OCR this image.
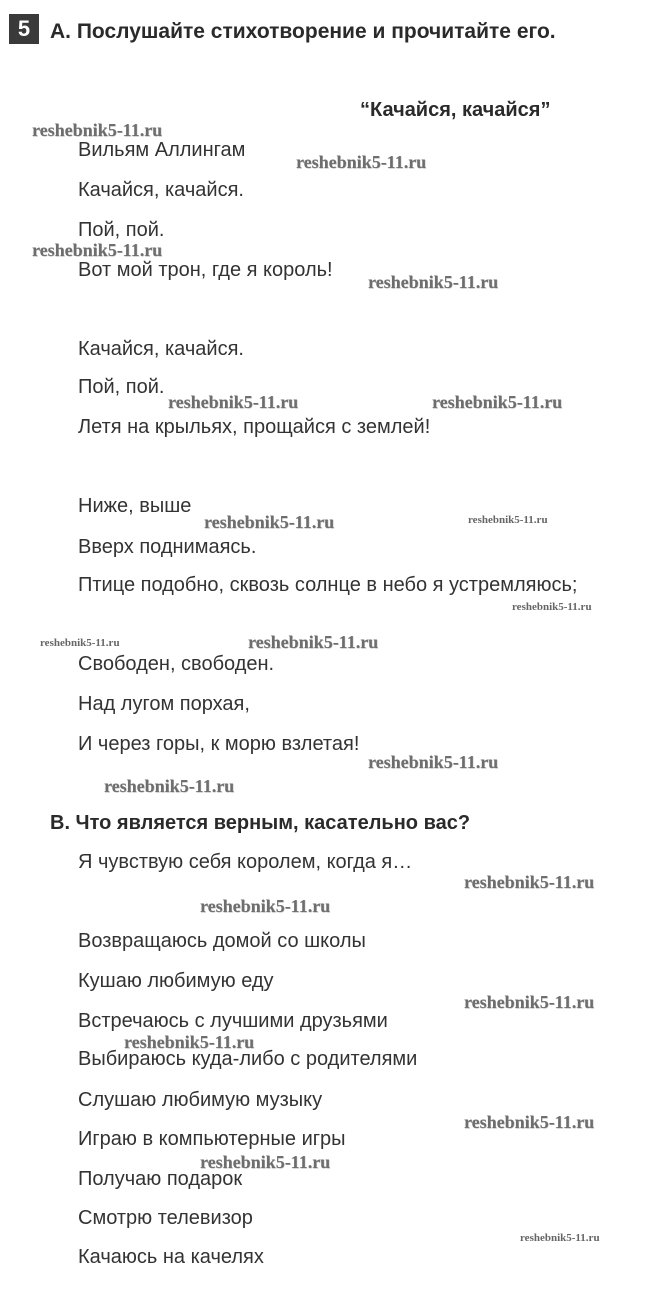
5 A. Послушайте стихотворение и прочитайте его.
“Качайся, качайся”
Вильям Аллингам
Качайся, качайся.
Пой, пой.
Вот мой трон, где я король!
Качайся, качайся.
Пой, пой.
Летя на крыльях, прощайся с землей!
Ниже, выше
Вверх поднимаясь.
Птице подобно, сквозь солнце в небо я устремляюсь;
Свободен, свободен.
Над лугом порхая,
И через горы, к морю взлетая!
B. Что является верным, касательно вас?
Я чувствую себя королем, когда я…
Возвращаюсь домой со школы
Кушаю любимую еду
Встречаюсь с лучшими друзьями
Выбираюсь куда-либо с родителями
Слушаю любимую музыку
Играю в компьютерные игры
Получаю подарок
Смотрю телевизор
Качаюсь на качелях
reshebnik5-11.ru
reshebnik5-11.ru
reshebnik5-11.ru
reshebnik5-11.ru
reshebnik5-11.ru	reshebnik5-11.ru
reshebnik5-11.ru	reshebnik5-11.ru
reshebnik5-11.ru
reshebnik5-11.ru	reshebnik5-11.ru
reshebnik5-11.ru
reshebnik5-11.ru
reshebnik5-11.ru
reshebnik5-11.ru
reshebnik5-11.ru
reshebnik5-11.ru
reshebnik5-11.ru
reshebnik5-11.ru
reshebnik5-11.ru
